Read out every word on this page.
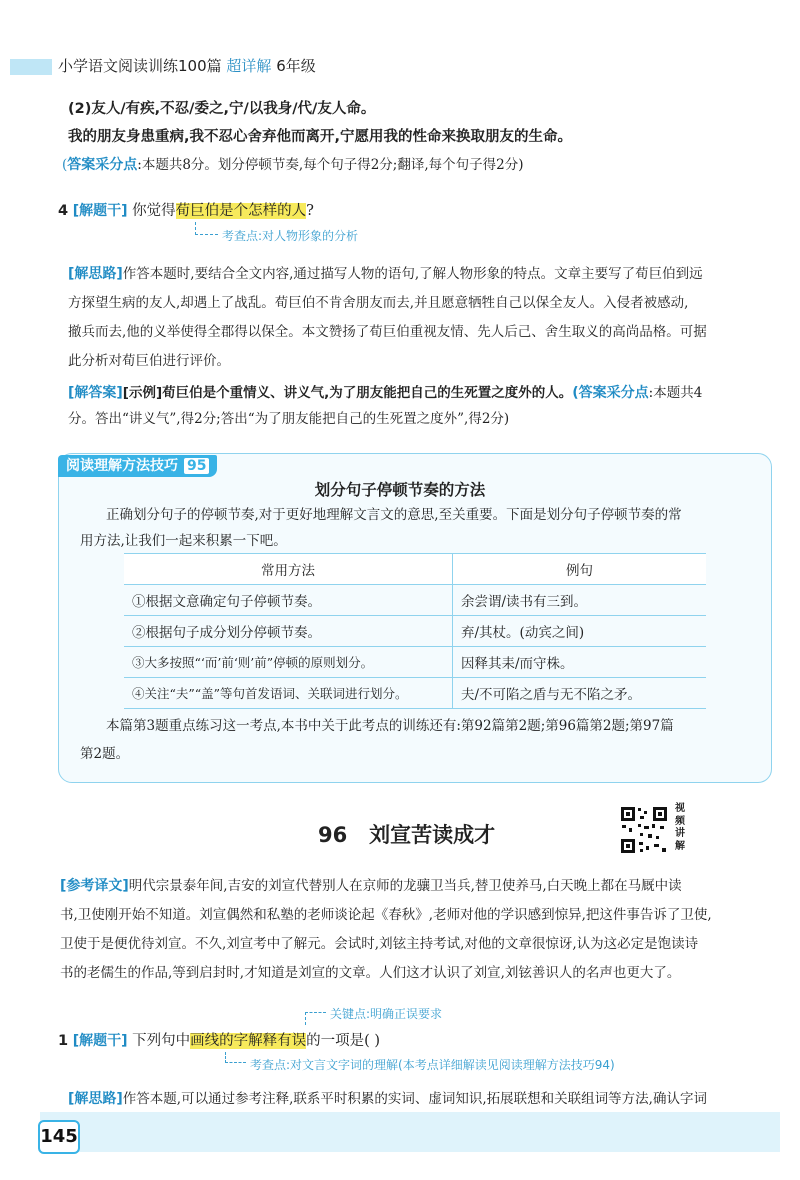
小学语文阅读训练100篇 超详解 6年级
(2)友人/有疾,不忍/委之,宁/以我身/代/友人命。
我的朋友身患重病,我不忍心舍弃他而离开,宁愿用我的性命来换取朋友的生命。
(答案采分点:本题共8分。划分停顿节奏,每个句子得2分;翻译,每个句子得2分)
4 [解题干] 你觉得荀巨伯是个怎样的人?
考查点:对人物形象的分析
[解思路]作答本题时,要结合全文内容,通过描写人物的语句,了解人物形象的特点。文章主要写了荀巨伯到远
方探望生病的友人,却遇上了战乱。荀巨伯不肯舍朋友而去,并且愿意牺牲自己以保全友人。入侵者被感动,
撤兵而去,他的义举使得全郡得以保全。本文赞扬了荀巨伯重视友情、先人后己、舍生取义的高尚品格。可据
此分析对荀巨伯进行评价。
[解答案][示例]荀巨伯是个重情义、讲义气,为了朋友能把自己的生死置之度外的人。(答案采分点:本题共4
分。答出“讲义气”,得2分;答出“为了朋友能把自己的生死置之度外”,得2分)
阅读理解方法技巧 95
划分句子停顿节奏的方法
正确划分句子的停顿节奏,对于更好地理解文言文的意思,至关重要。下面是划分句子停顿节奏的常
用方法,让我们一起来积累一下吧。
常用方法	例句
①根据文意确定句子停顿节奏。	余尝谓/读书有三到。
②根据句子成分划分停顿节奏。	弃/其杖。(动宾之间)
③大多按照“‘而’前‘则’前”停顿的原则划分。	因释其耒/而守株。
④关注“夫”“盖”等句首发语词、关联词进行划分。	夫/不可陷之盾与无不陷之矛。
本篇第3题重点练习这一考点,本书中关于此考点的训练还有:第92篇第2题;第96篇第2题;第97篇
第2题。
96 刘宣苦读成才
视
频
讲
解
[参考译文]明代宗景泰年间,吉安的刘宣代替别人在京师的龙骧卫当兵,替卫使养马,白天晚上都在马厩中读
书,卫使刚开始不知道。刘宣偶然和私塾的老师谈论起《春秋》,老师对他的学识感到惊异,把这件事告诉了卫使,
卫使于是便优待刘宣。不久,刘宣考中了解元。会试时,刘铉主持考试,对他的文章很惊讶,认为这必定是饱读诗
书的老儒生的作品,等到启封时,才知道是刘宣的文章。人们这才认识了刘宣,刘铉善识人的名声也更大了。
关键点:明确正误要求
1 [解题干] 下列句中画线的字解释有误的一项是( )
考查点:对文言文字词的理解(本考点详细解读见阅读理解方法技巧94)
[解思路]作答本题,可以通过参考注释,联系平时积累的实词、虚词知识,拓展联想和关联组词等方法,确认字词
145
